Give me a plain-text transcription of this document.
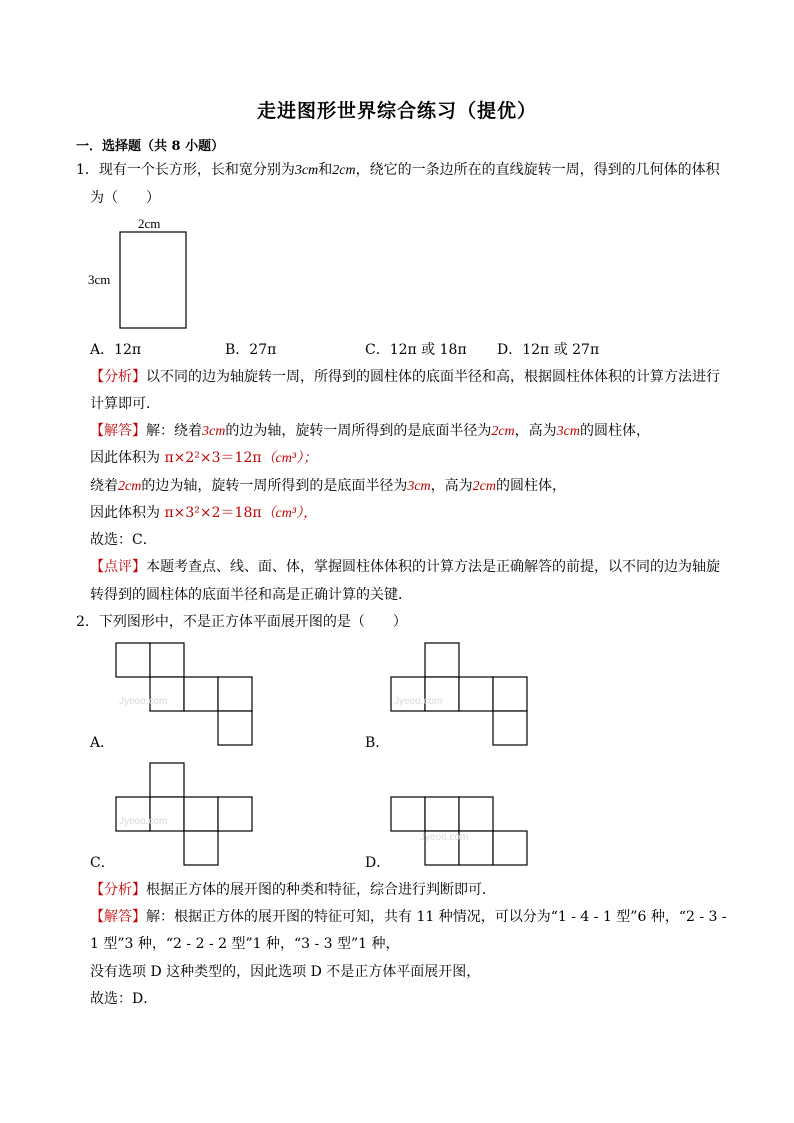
走进图形世界综合练习（提优）
一．选择题（共 8 小题）
1．现有一个长方形，长和宽分别为3cm和2cm，绕它的一条边所在的直线旋转一周，得到的几何体的体积
为（　　）
2cm
3cm
A．12π	B．27π	C．12π 或 18π D．12π 或 27π
【分析】以不同的边为轴旋转一周，所得到的圆柱体的底面半径和高，根据圆柱体体积的计算方法进行
计算即可．
【解答】解：绕着3cm的边为轴，旋转一周所得到的是底面半径为2cm，高为3cm的圆柱体，
因此体积为 π×2²×3＝12π（cm³）；
绕着2cm的边为轴，旋转一周所得到的是底面半径为3cm，高为2cm的圆柱体，
因此体积为 π×3²×2＝18π（cm³），
故选：C．
【点评】本题考查点、线、面、体，掌握圆柱体体积的计算方法是正确解答的前提，以不同的边为轴旋
转得到的圆柱体的底面半径和高是正确计算的关键．
2．下列图形中，不是正方体平面展开图的是（　　）
Jyeoo.com
A．
Jyeoo.com
B．
Jyeoo.com
C．
Jyeoo.com
D．
【分析】根据正方体的展开图的种类和特征，综合进行判断即可．
【解答】解：根据正方体的展开图的特征可知，共有 11 种情况，可以分为“1 - 4 - 1 型”6 种，“2 - 3 -
1 型”3 种，“2 - 2 - 2 型”1 种，“3 - 3 型”1 种，
没有选项 D 这种类型的，因此选项 D 不是正方体平面展开图，
故选：D．
